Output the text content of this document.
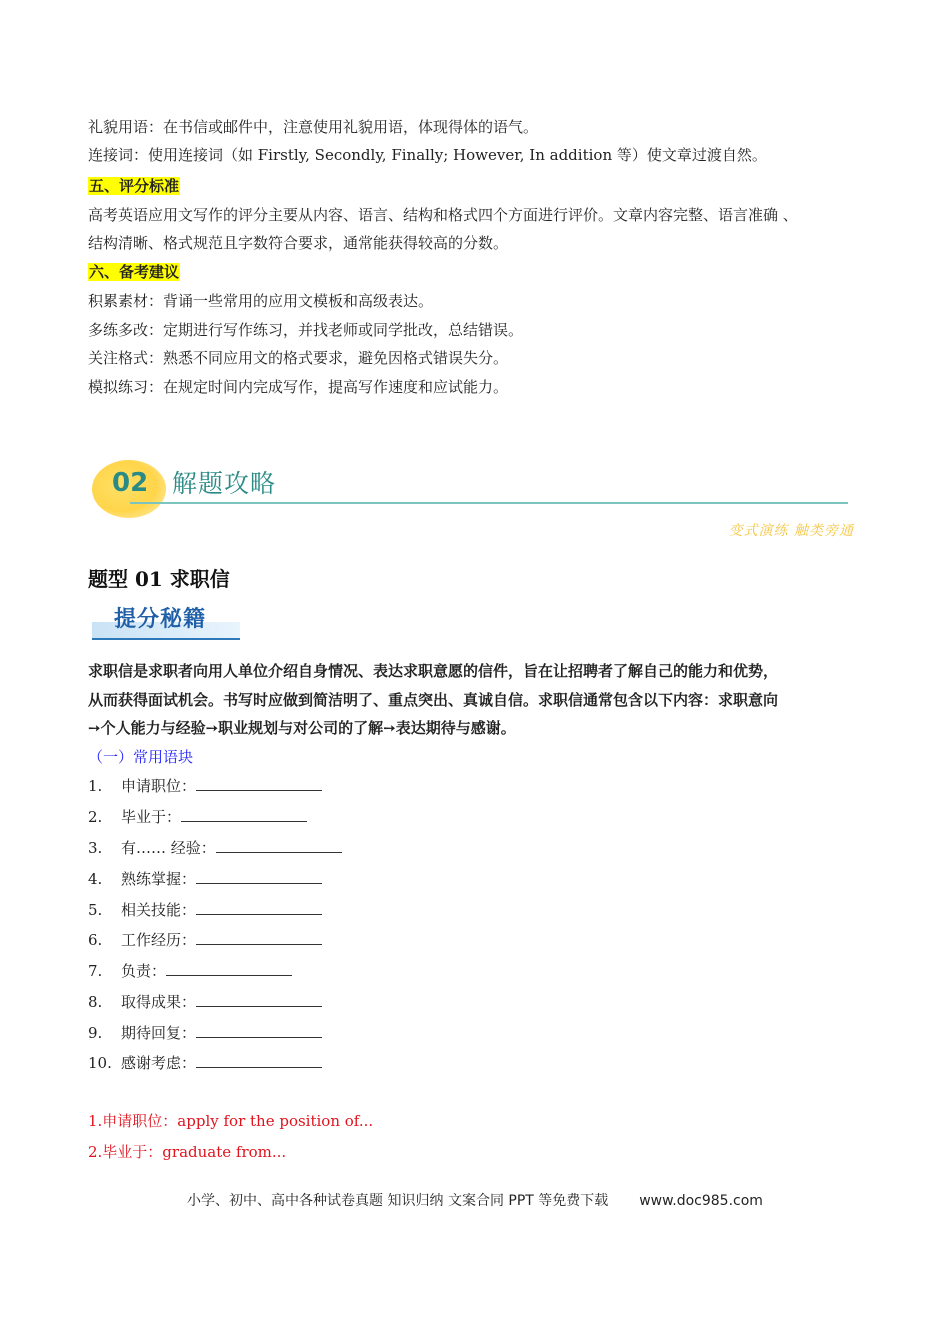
礼貌用语：在书信或邮件中，注意使用礼貌用语，体现得体的语气。
连接词：使用连接词（如 Firstly, Secondly, Finally; However, In addition 等）使文章过渡自然。
五、评分标准
高考英语应用文写作的评分主要从内容、语言、结构和格式四个方面进行评价。文章内容完整、语言准确 、
结构清晰、格式规范且字数符合要求，通常能获得较高的分数。
六、备考建议
积累素材：背诵一些常用的应用文模板和高级表达。
多练多改：定期进行写作练习，并找老师或同学批改，总结错误。
关注格式：熟悉不同应用文的格式要求，避免因格式错误失分。
模拟练习：在规定时间内完成写作，提高写作速度和应试能力。
02 解题攻略
变式演练 触类旁通
题型 01 求职信
提分秘籍
求职信是求职者向用人单位介绍自身情况、表达求职意愿的信件，旨在让招聘者了解自己的能力和优势，
从而获得面试机会。书写时应做到简洁明了、重点突出、真诚自信。求职信通常包含以下内容：求职意向
➙个人能力与经验➙职业规划与对公司的了解➙表达期待与感谢。
（一）常用语块
1. 申请职位：
2. 毕业于：
3. 有…… 经验：
4. 熟练掌握：
5. 相关技能：
6. 工作经历：
7. 负责：
8. 取得成果：
9. 期待回复：
10. 感谢考虑：
1.申请职位：apply for the position of...
2.毕业于：graduate from...
小学、初中、高中各种试卷真题 知识归纳 文案合同 PPT 等免费下载 www.doc985.com
